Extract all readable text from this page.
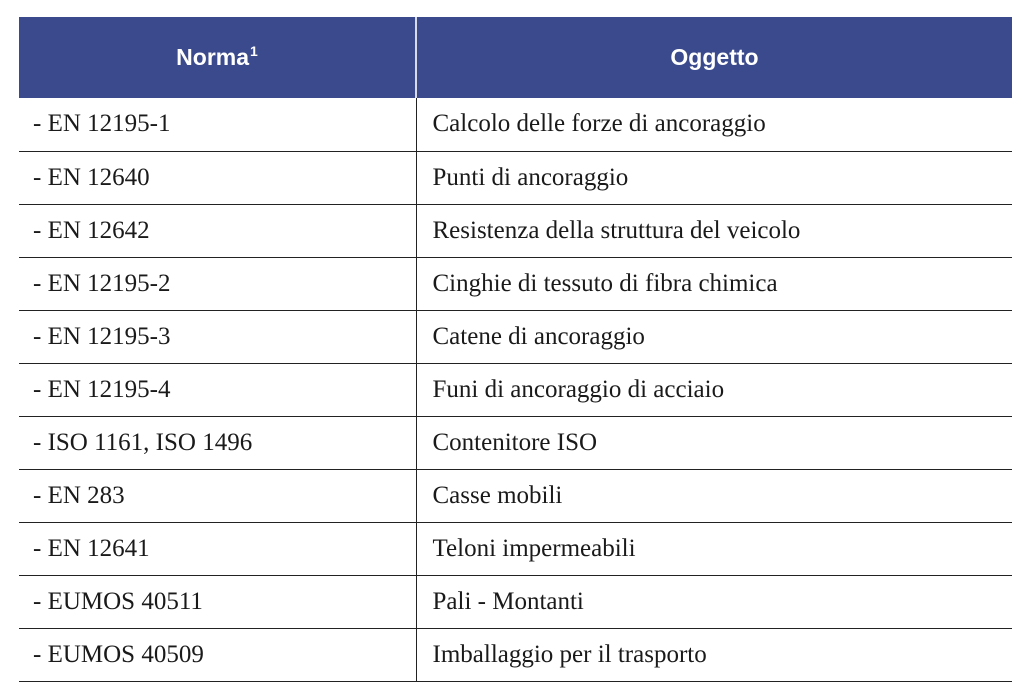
Norma$^1$	Oggetto
- EN 12195-1	Calcolo delle forze di ancoraggio
- EN 12640	Punti di ancoraggio
- EN 12642	Resistenza della struttura del veicolo
- EN 12195-2	Cinghie di tessuto di fibra chimica
- EN 12195-3	Catene di ancoraggio
- EN 12195-4	Funi di ancoraggio di acciaio
- ISO 1161, ISO 1496	Contenitore ISO
- EN 283	Casse mobili
- EN 12641	Teloni impermeabili
- EUMOS 40511	Pali - Montanti
- EUMOS 40509	Imballaggio per il trasporto
